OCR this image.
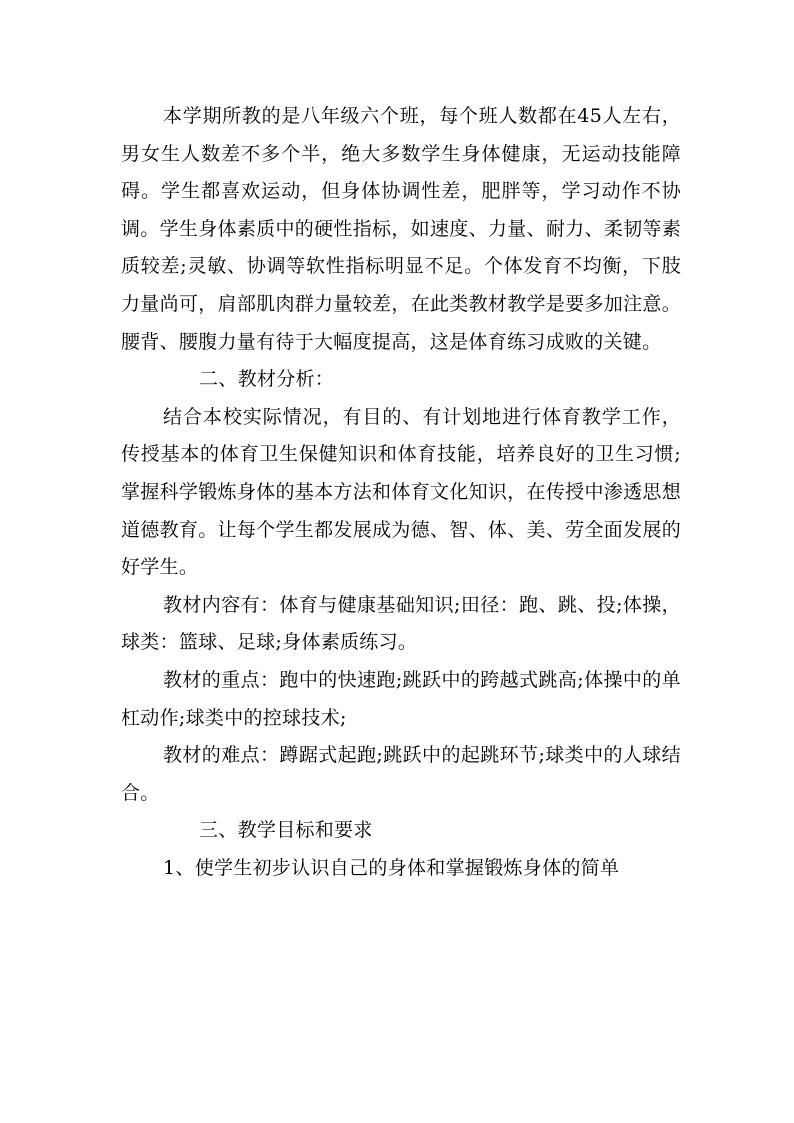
本学期所教的是八年级六个班，每个班人数都在45人左右，男女生人数差不多个半，绝大多数学生身体健康，无运动技能障碍。学生都喜欢运动，但身体协调性差，肥胖等，学习动作不协调。学生身体素质中的硬性指标，如速度、力量、耐力、柔韧等素质较差;灵敏、协调等软性指标明显不足。个体发育不均衡，下肢力量尚可，肩部肌肉群力量较差，在此类教材教学是要多加注意。腰背、腰腹力量有待于大幅度提高，这是体育练习成败的关键。

二、教材分析：

结合本校实际情况，有目的、有计划地进行体育教学工作，传授基本的体育卫生保健知识和体育技能，培养良好的卫生习惯;掌握科学锻炼身体的基本方法和体育文化知识，在传授中渗透思想道德教育。让每个学生都发展成为德、智、体、美、劳全面发展的好学生。

教材内容有：体育与健康基础知识;田径：跑、跳、投;体操，球类：篮球、足球;身体素质练习。

教材的重点：跑中的快速跑;跳跃中的跨越式跳高;体操中的单杠动作;球类中的控球技术;

教材的难点：蹲踞式起跑;跳跃中的起跳环节;球类中的人球结合。

三、教学目标和要求

1、使学生初步认识自己的身体和掌握锻炼身体的简单
